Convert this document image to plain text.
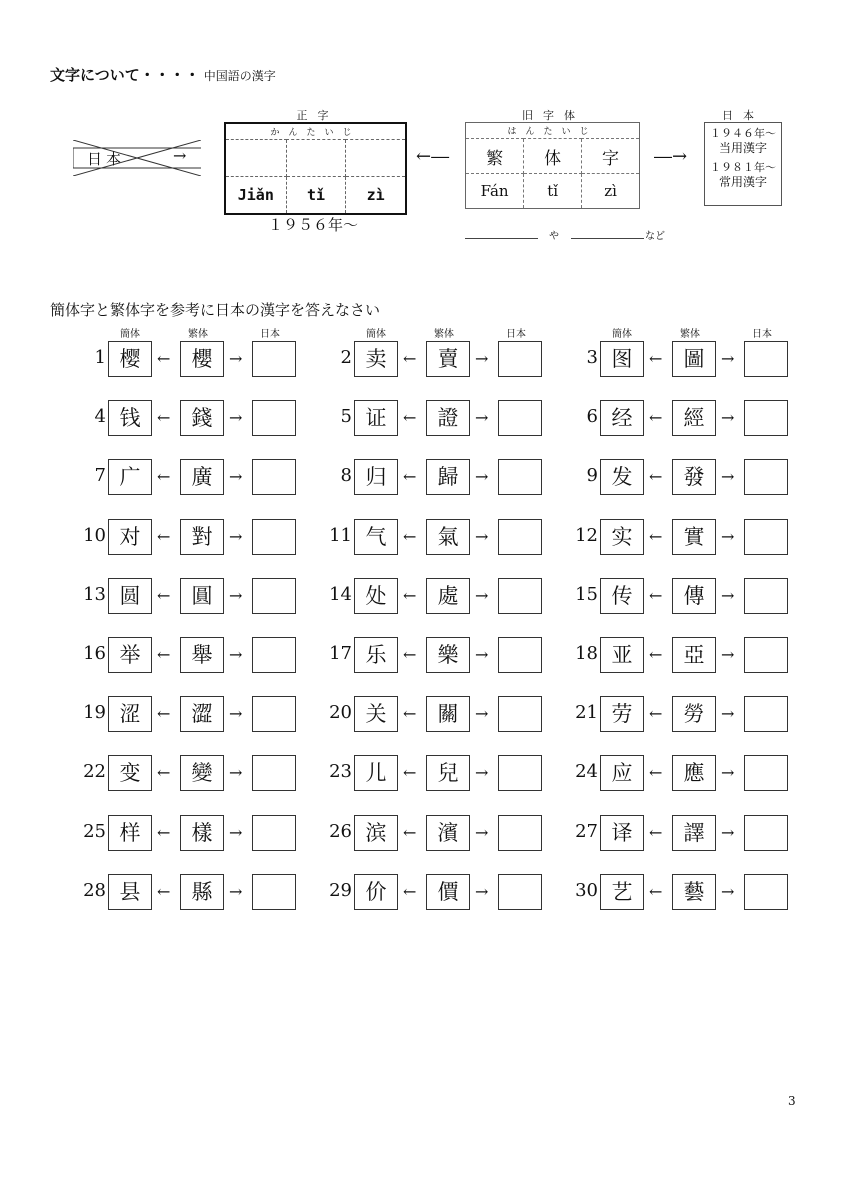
文字について・・・・ 中国語の漢字
日本	→
正字
かんたいじ		

Jiǎn	tǐ	zì
１９５６年～
←―
旧字体
はんたいじ		
繁	体	字
Fán	tǐ	zì
や	など
―→
日本
１９４６年～
当用漢字
１９８１年～
常用漢字
簡体字と繁体字を参考に日本の漢字を答えなさい
簡体	繁体	日本	簡体	繁体	日本	簡体	繁体	日本
1 樱	←	櫻	→	2 卖	←	賣	→	3 图	←	圖	→
4 钱	←	錢	→	5 证	←	證	→	6 经	←	經	→
7 广	←	廣	→	8 归	←	歸	→	9 发	←	發	→
10 对	←	對	→	11 气	←	氣	→	12 实	←	實	→
13 圆	←	圓	→	14 处	←	處	→	15 传	←	傳	→
16 举	←	舉	→	17 乐	←	樂	→	18 亚	←	亞	→
19 涩	←	澀	→	20 关	←	關	→	21 劳	←	勞	→
22 变	←	變	→	23 儿	←	兒	→	24 应	←	應	→
25 样	←	樣	→	26 滨	←	濱	→	27 译	←	譯	→
28 县	←	縣	→	29 价	←	價	→	30 艺	←	藝	→
3
